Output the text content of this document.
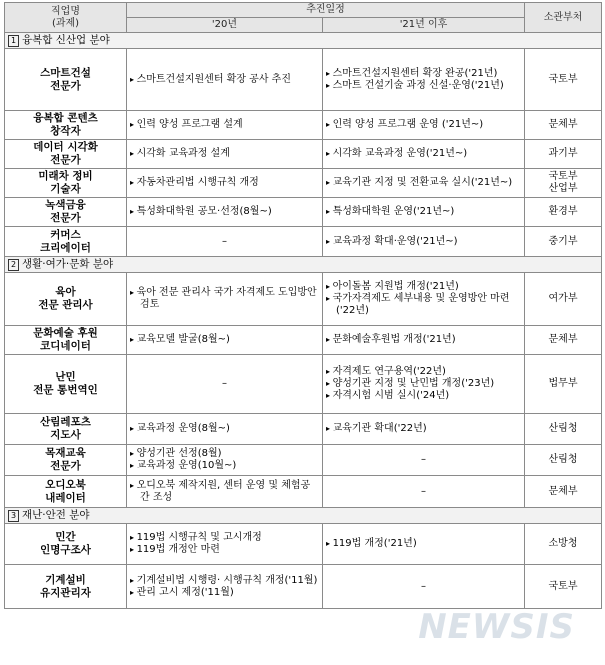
직업명
(과제)	추진일정		소관부처
	'20년	'21년 이후	
1 융복합 신산업 분야			

스마트건설
전문가	▸ 스마트건설지원센터 확장 공사 추진	▸ 스마트건설지원센터 확장 완공('21년)
▸ 스마트 건설기술 과정 신설·운영('21년)	국토부

융복합 콘텐츠
창작자	▸ 인력 양성 프로그램 설계	▸ 인력 양성 프로그램 운영 ('21년~)	문체부

데이터 시각화
전문가	▸ 시각화 교육과정 설계	▸ 시각화 교육과정 운영('21년~)	과기부

미래차 정비
기술자	▸ 자동차관리법 시행규칙 개정	▸ 교육기관 지정 및 전환교육 실시('21년~)	국토부
산업부

녹색금융
전문가	▸ 특성화대학원 공모·선정(8월~)	▸ 특성화대학원 운영('21년~)	환경부

커머스
크리에이터	–	▸ 교육과정 확대·운영('21년~)	중기부

2 생활·여가·문화 분야			

육아
전문 관리사	▸ 육아 전문 관리사 국가 자격제도 도입방안 검토	▸ 아이돌봄 지원법 개정('21년)
▸ 국가자격제도 세부내용 및 운영방안 마련('22년)	여가부

문화예술 후원
코디네이터	▸ 교육모델 발굴(8월~)	▸ 문화예술후원법 개정('21년)	문체부

난민
전문 통번역인	–	▸ 자격제도 연구용역('22년)
▸ 양성기관 지정 및 난민법 개정('23년)
▸ 자격시험 시범 실시('24년)	법무부

산림레포츠
지도사	▸ 교육과정 운영(8월~)	▸ 교육기관 확대('22년)	산림청

목재교육
전문가	▸ 양성기관 선정(8월)
▸ 교육과정 운영(10월~)	–	산림청

오디오북
내레이터	▸ 오디오북 제작지원, 센터 운영 및 체험공간 조성	–	문체부

3 재난·안전 분야			

민간
인명구조사	▸ 119법 시행규칙 및 고시개정
▸ 119법 개정안 마련	▸ 119법 개정('21년)	소방청

기계설비
유지관리자	▸ 기계설비법 시행령· 시행규칙 개정('11월)
▸ 관리 고시 제정('11월)	–	국토부
NEWSIS
